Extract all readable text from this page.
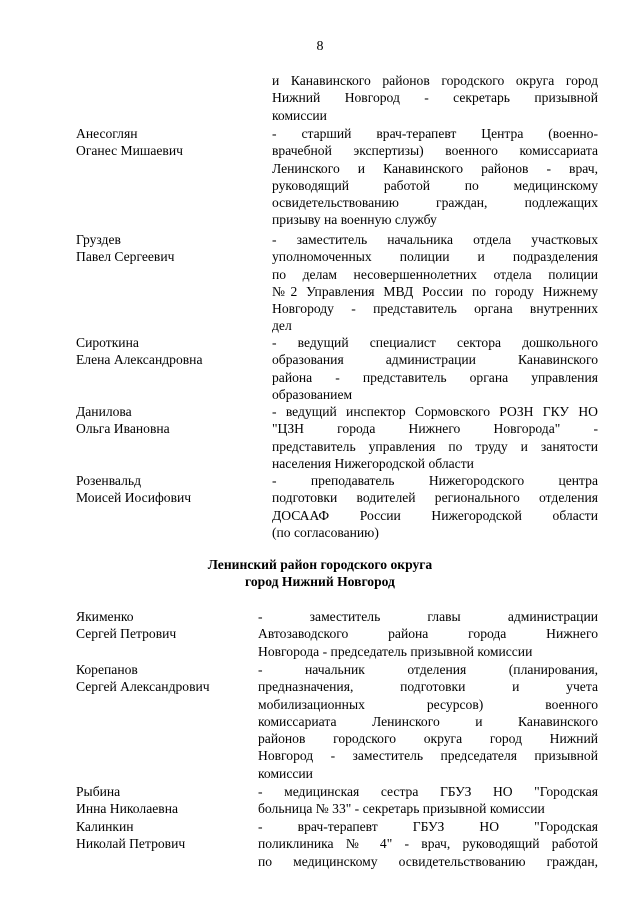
8
и Канавинского районов городского округа город
Нижний Новгород - секретарь призывной
комиссии
Анесоглян
Оганес Мишаевич
- старший врач-терапевт Центра (военно-
врачебной экспертизы) военного комиссариата
Ленинского и Канавинского районов - врач,
руководящий работой по медицинскому
освидетельствованию граждан, подлежащих
призыву на военную службу
Груздев
Павел Сергеевич
- заместитель начальника отдела участковых
уполномоченных полиции и подразделения
по делам несовершеннолетних отдела полиции
№2 Управления МВД России по городу Нижнему
Новгороду - представитель органа внутренних
дел
Сироткина
Елена Александровна
- ведущий специалист сектора дошкольного
образования администрации Канавинского
района - представитель органа управления
образованием
Данилова
Ольга Ивановна
- ведущий инспектор Сормовского РОЗН ГКУ НО
"ЦЗН города Нижнего Новгорода" -
представитель управления по труду и занятости
населения Нижегородской области
Розенвальд
Моисей Иосифович
- преподаватель Нижегородского центра
подготовки водителей регионального отделения
ДОСААФ России Нижегородской области
(по согласованию)
Ленинский район городского округа
город Нижний Новгород
Якименко
Сергей Петрович
- заместитель главы администрации
Автозаводского района города Нижнего
Новгорода - председатель призывной комиссии
Корепанов
Сергей Александрович
- начальник отделения (планирования,
предназначения, подготовки и учета
мобилизационных ресурсов) военного
комиссариата Ленинского и Канавинского
районов городского округа город Нижний
Новгород - заместитель председателя призывной
комиссии
Рыбина
Инна Николаевна
- медицинская сестра ГБУЗ НО "Городская
больница № 33" - секретарь призывной комиссии
Калинкин
Николай Петрович
- врач-терапевт ГБУЗ НО "Городская
поликлиника № 4" - врач, руководящий работой
по медицинскому освидетельствованию граждан,
